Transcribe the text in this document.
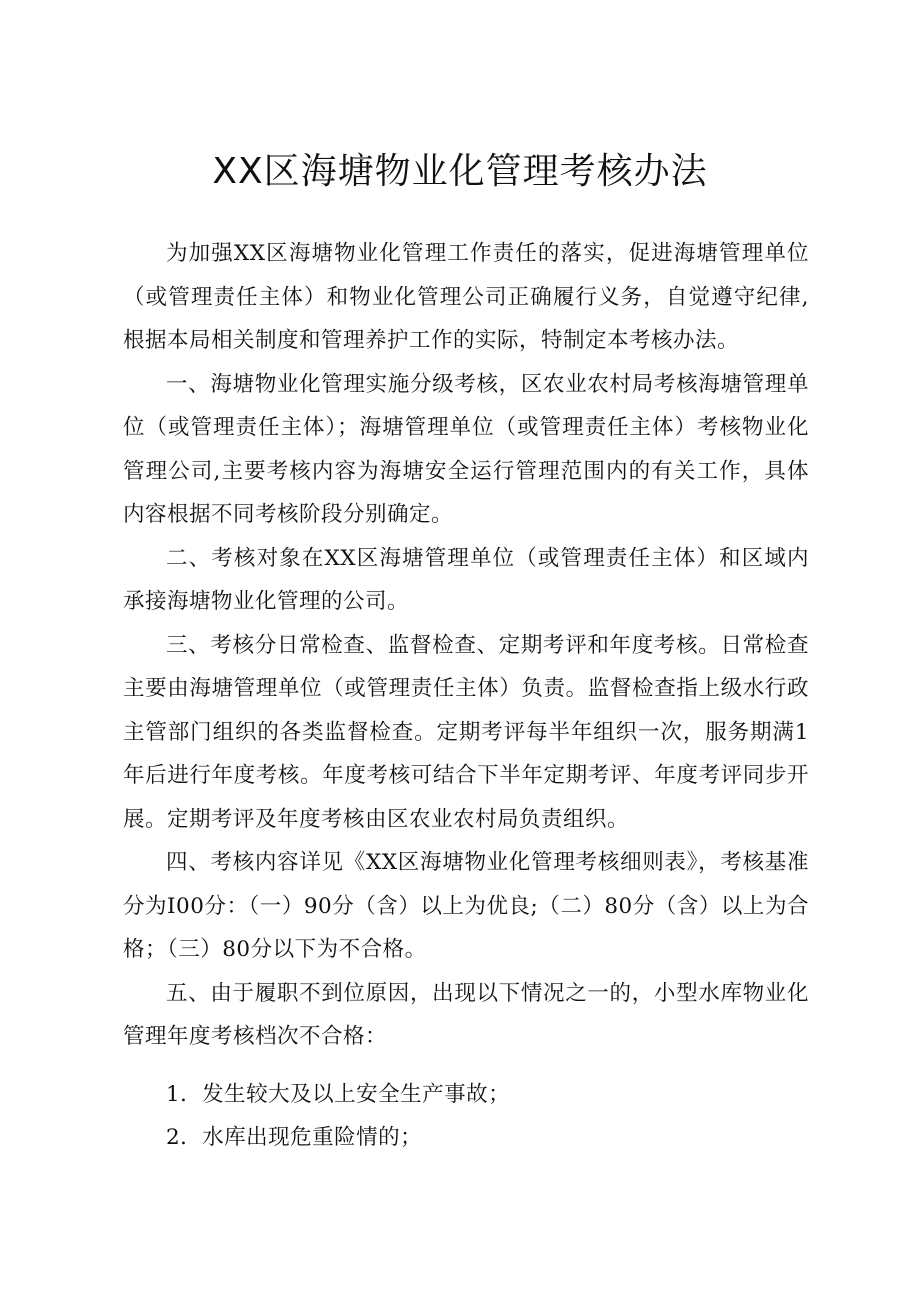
XX区海塘物业化管理考核办法

为加强XX区海塘物业化管理工作责任的落实，促进海塘管理单位（或管理责任主体）和物业化管理公司正确履行义务，自觉遵守纪律,根据本局相关制度和管理养护工作的实际，特制定本考核办法。

一、海塘物业化管理实施分级考核，区农业农村局考核海塘管理单位（或管理责任主体）；海塘管理单位（或管理责任主体）考核物业化管理公司,主要考核内容为海塘安全运行管理范围内的有关工作，具体内容根据不同考核阶段分别确定。

二、考核对象在XX区海塘管理单位（或管理责任主体）和区域内承接海塘物业化管理的公司。

三、考核分日常检查、监督检查、定期考评和年度考核。日常检查主要由海塘管理单位（或管理责任主体）负责。监督检查指上级水行政主管部门组织的各类监督检查。定期考评每半年组织一次，服务期满1年后进行年度考核。年度考核可结合下半年定期考评、年度考评同步开展。定期考评及年度考核由区农业农村局负责组织。

四、考核内容详见《XX区海塘物业化管理考核细则表》，考核基准分为I00分：（一）90分（含）以上为优良;（二）80分（含）以上为合格；（三）80分以下为不合格。

五、由于履职不到位原因，出现以下情况之一的，小型水库物业化管理年度考核档次不合格：

1．发生较大及以上安全生产事故；

2．水库出现危重险情的；
